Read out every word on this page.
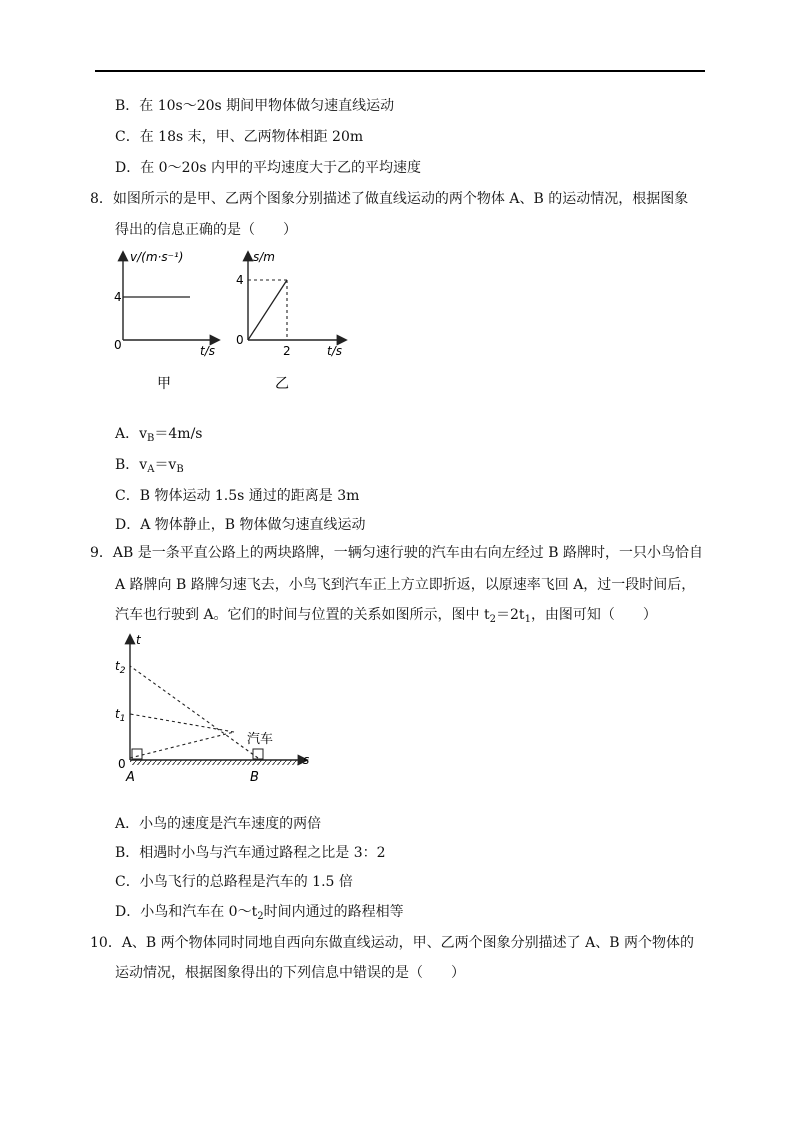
B．在 10s～20s 期间甲物体做匀速直线运动
C．在 18s 末，甲、乙两物体相距 20m
D．在 0～20s 内甲的平均速度大于乙的平均速度
8．如图所示的是甲、乙两个图象分别描述了做直线运动的两个物体 A、B 的运动情况，根据图象
得出的信息正确的是（　　）
v/(m·s⁻¹)
4
0	t/s
甲
s/m
4
0
2	t/s
乙
A．$v_B=4m/s$
B．$v_A=v_B$
C．B 物体运动 1.5s 通过的距离是 3m
D．A 物体静止，B 物体做匀速直线运动
9．AB 是一条平直公路上的两块路牌，一辆匀速行驶的汽车由右向左经过 B 路牌时，一只小鸟恰自
A 路牌向 B 路牌匀速飞去，小鸟飞到汽车正上方立即折返，以原速率飞回 A，过一段时间后，
汽车也行驶到 A。它们的时间与位置的关系如图所示，图中 $t_2=2t_1$，由图可知（　　）
t
$t_2$
$t_1$
0	s
汽车
A	B
A．小鸟的速度是汽车速度的两倍
B．相遇时小鸟与汽车通过路程之比是 3：2
C．小鸟飞行的总路程是汽车的 1.5 倍
D．小鸟和汽车在 $0\sim t_2$时间内通过的路程相等
10．A、B 两个物体同时同地自西向东做直线运动，甲、乙两个图象分别描述了 A、B 两个物体的
运动情况，根据图象得出的下列信息中错误的是（　　）
